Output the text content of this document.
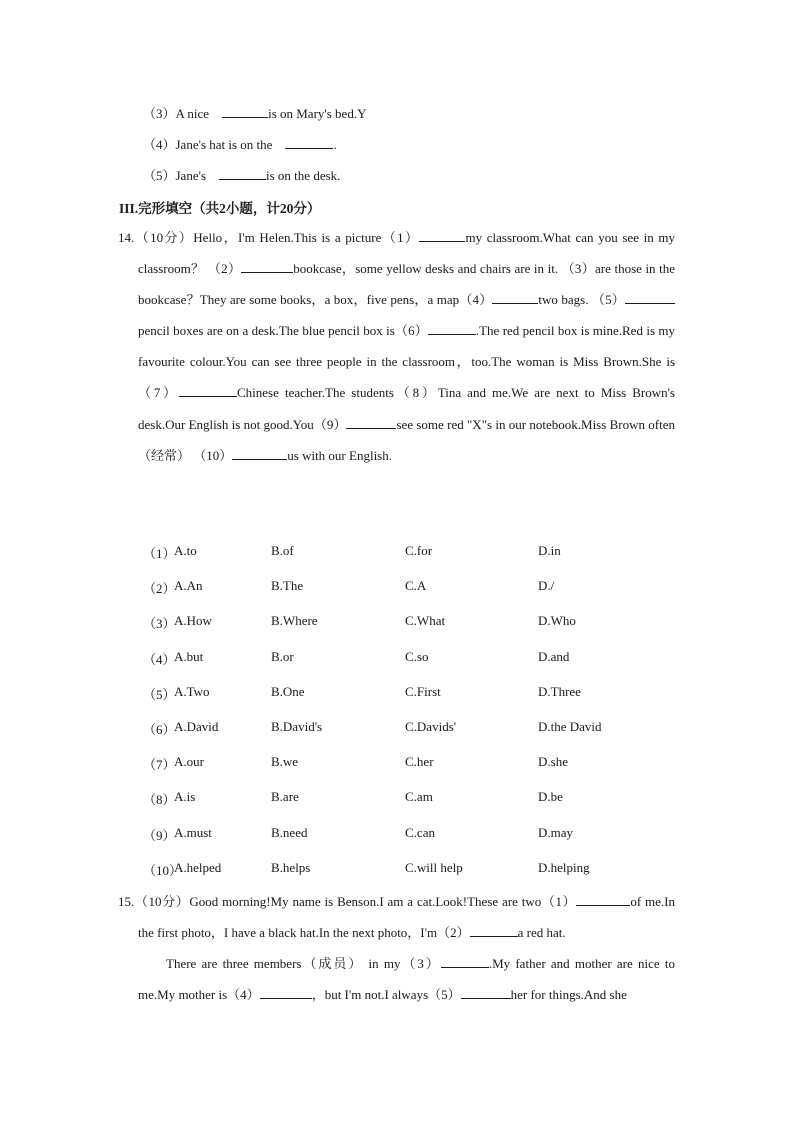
（3）A nice　	is on Mary's bed.Y
（4）Jane's hat is on the　	.
（5）Jane's　	is on the desk.
III.完形填空（共2小题，计20分）
14.（10分）Hello，I'm Helen.This is a picture（1）	my classroom.What can you see in my classroom？ （2）	bookcase，some yellow desks and chairs are in it. （3）are those in the bookcase？They are some books，a box，five pens，a map（4）	two bags. （5）pencil boxes are on a desk.The blue pencil box is（6）	.The red pencil box is mine.Red is my favourite colour.You can see three people in the classroom，too.The woman is Miss Brown.She is（7）	Chinese teacher.The students（8）Tina and me.We are next to Miss Brown's desk.Our English is not good.You（9）	see some red "X"s in our notebook.Miss Brown often （经常） （10）	us with our English.
（1）
A.to	B.of	C.for	D.in
（2）
A.An	B.The	C.A	D./
（3）
A.How	B.Where	C.What	D.Who
（4）
A.but	B.or	C.so	D.and
（5）
A.Two	B.One	C.First	D.Three
（6）
A.David	B.David's	C.Davids'	D.the David
（7）
A.our	B.we	C.her	D.she
（8）
A.is	B.are	C.am	D.be
（9）
A.must	B.need	C.can	D.may
（10）
A.helped	B.helps	C.will help	D.helping
15.（10分）Good morning!My name is Benson.I am a cat.Look!These are two（1）	of me.In the first photo，I have a black hat.In the next photo，I'm（2）	a red hat.
There are three members（成员） in my（3）	.My father and mother are nice to me.My mother is（4）	，but I'm not.I always（5）	her for things.And she
